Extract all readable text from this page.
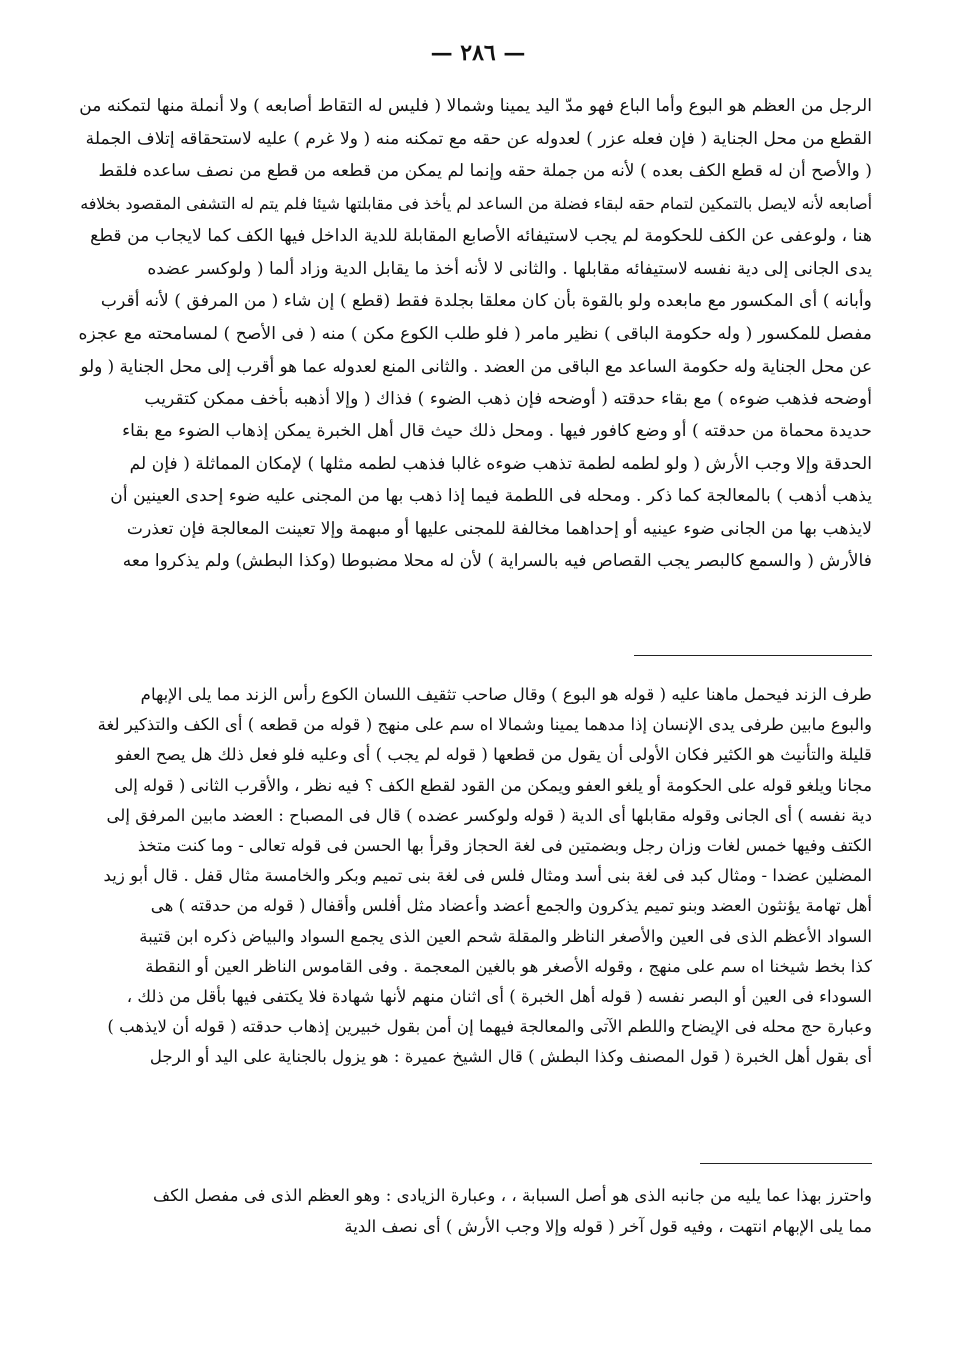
— ٢٨٦ —

الرجل من العظم هو البوع وأما الباع فهو مدّ اليد يمينا وشمالا ( فليس له التقاط أصابعه ) ولا أنملة منها لتمكنه من

القطع من محل الجناية ( فإن فعله عزر ) لعدوله عن حقه مع تمكنه منه ( ولا غرم ) عليه لاستحقاقه إتلاف الجملة

( والأصح أن له قطع الكف بعده ) لأنه من جملة حقه وإنما لم يمكن من قطعه من قطع من نصف ساعده فلقط

أصابعه لأنه لايصل بالتمكين لتمام حقه لبقاء فضلة من الساعد لم يأخذ فى مقابلتها شيئا فلم يتم له التشفى المقصود بخلافه

هنا ، ولوعفى عن الكف للحكومة لم يجب لاستيفائه الأصابع المقابلة للدية الداخل فيها الكف كما لايجاب من قطع

يدى الجانى إلى دية نفسه لاستيفائه مقابلها . والثانى لا لأنه أخذ ما يقابل الدية وزاد ألما ( ولوكسر عضده

وأبانه ) أى المكسور مع مابعده ولو بالقوة بأن كان معلقا بجلدة فقط (قطع ) إن شاء ( من المرفق ) لأنه أقرب

مفصل للمكسور ( وله حكومة الباقى ) نظير مامر ( فلو طلب الكوع مكن ) منه ( فى الأصح ) لمسامحته مع عجزه

عن محل الجناية وله حكومة الساعد مع الباقى من العضد . والثانى المنع لعدوله عما هو أقرب إلى محل الجناية ( ولو

أوضحه فذهب ضوءه ) مع بقاء حدقته ( أوضحه فإن ذهب الضوء ) فذاك ( وإلا أذهبه بأخف ممكن كتقريب

حديدة محماة من حدقته ) أو وضع كافور فيها . ومحل ذلك حيث قال أهل الخبرة يمكن إذهاب الضوء مع بقاء

الحدقة وإلا وجب الأرش ( ولو لطمه لطمة تذهب ضوءه غالبا فذهب لطمه مثلها ) لإمكان المماثلة ( فإن لم

يذهب أذهب ) بالمعالجة كما ذكر . ومحله فى اللطمة فيما إذا ذهب بها من المجنى عليه ضوء إحدى العينين أن

لايذهب بها من الجانى ضوء عينيه أو إحداهما مخالفة للمجنى عليها أو مبهمة وإلا تعينت المعالجة فإن تعذرت

فالأرش ( والسمع كالبصر يجب القصاص فيه بالسراية ) لأن له محلا مضبوطا (وكذا البطش) ولم يذكروا معه

طرف الزند فيحمل ماهنا عليه ( قوله هو البوع ) وقال صاحب تثقيف اللسان الكوع رأس الزند مما يلى الإبهام

والبوع مابين طرفى يدى الإنسان إذا مدهما يمينا وشمالا اه سم على منهج ( قوله من قطعه ) أى الكف والتذكير لغة

قليلة والتأنيث هو الكثير فكان الأولى أن يقول من قطعها ( قوله لم يجب ) أى وعليه فلو فعل ذلك هل يصح العفو

مجانا ويلغو قوله على الحكومة أو يلغو العفو ويمكن من القود لقطع الكف ؟ فيه نظر ، والأقرب الثانى ( قوله إلى

دية نفسه ) أى الجانى وقوله مقابلها أى الدية ( قوله ولوكسر عضده ) قال فى المصباح : العضد مابين المرفق إلى

الكتف وفيها خمس لغات وزان رجل وبضمتين فى لغة الحجاز وقرأ بها الحسن فى قوله تعالى - وما كنت متخذ

المضلين عضدا - ومثال كبد فى لغة بنى أسد ومثال فلس فى لغة بنى تميم وبكر والخامسة مثال قفل . قال أبو زيد

أهل تهامة يؤنثون العضد وبنو تميم يذكرون والجمع أعضد وأعضاد مثل أفلس وأقفال ( قوله من حدقته ) هى

السواد الأعظم الذى فى العين والأصغر الناظر والمقلة شحم العين الذى يجمع السواد والبياض ذكره ابن قتيبة

كذا بخط شيخنا اه سم على منهج ، وقوله الأصغر هو بالغين المعجمة . وفى القاموس الناظر العين أو النقطة

السوداء فى العين أو البصر نفسه ( قوله أهل الخبرة ) أى اثنان منهم لأنها شهادة فلا يكتفى فيها بأقل من ذلك ،

وعبارة حج محله فى الإيضاح واللطم الآتى والمعالجة فيهما إن أمن بقول خبيرين إذهاب حدقته ( قوله أن لايذهب )

أى بقول أهل الخبرة ( قول المصنف وكذا البطش ) قال الشيخ عميرة : هو يزول بالجناية على اليد أو الرجل

واحترز بهذا عما يليه من جانبه الذى هو أصل السبابة ، ، وعبارة الزيادى : وهو العظم الذى فى مفصل الكف

مما يلى الإبهام انتهت ، وفيه قول آخر ( قوله وإلا وجب الأرش ) أى نصف الدية
